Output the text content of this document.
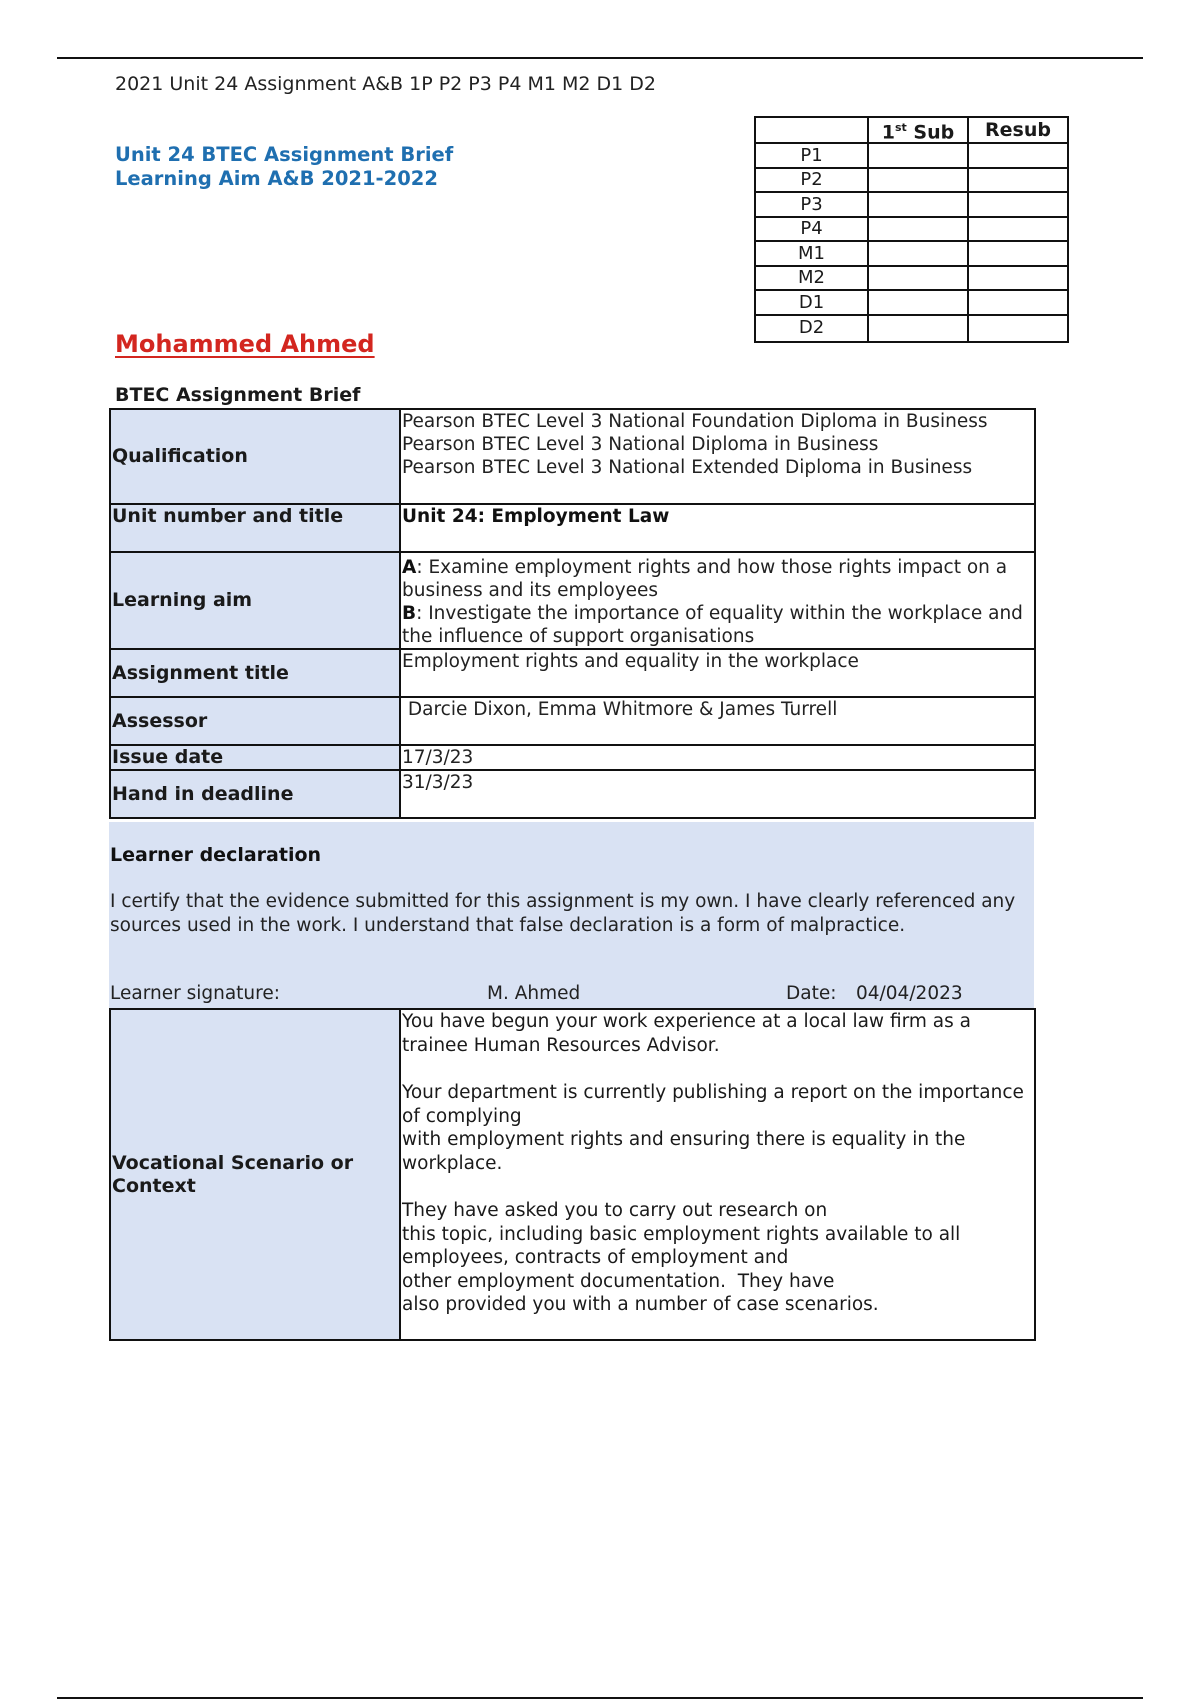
2021 Unit 24 Assignment A&B 1P P2 P3 P4 M1 M2 D1 D2
Unit 24 BTEC Assignment Brief
Learning Aim A&B 2021-2022
	1st Sub	Resub
P1		
P2		
P3		
P4		
M1		
M2		
D1		
D2		
Mohammed Ahmed
BTEC Assignment Brief
Qualification	Pearson BTEC Level 3 National Foundation Diploma in Business
Pearson BTEC Level 3 National Diploma in Business
Pearson BTEC Level 3 National Extended Diploma in Business

Unit number and title	Unit 24: Employment Law
Learning aim	A: Examine employment rights and how those rights impact on a business and its employees
B: Investigate the importance of equality within the workplace and the influence of support organisations

Assignment title	Employment rights and equality in the workplace
Assessor	Darcie Dixon, Emma Whitmore & James Turrell
Issue date	17/3/23
Hand in deadline	31/3/23
Learner declaration
I certify that the evidence submitted for this assignment is my own. I have clearly referenced any sources used in the work. I understand that false declaration is a form of malpractice.
Learner signature:	M. Ahmed	Date: 04/04/2023
Vocational Scenario or Context	

You have begun your work experience at a local law firm as a trainee Human Resources Advisor.

Your department is currently publishing a report on the importance of complying
with employment rights and ensuring there is equality in the workplace.

They have asked you to carry out research on
this topic, including basic employment rights available to all employees, contracts of employment and
other employment documentation.  They have
also provided you with a number of case scenarios.
